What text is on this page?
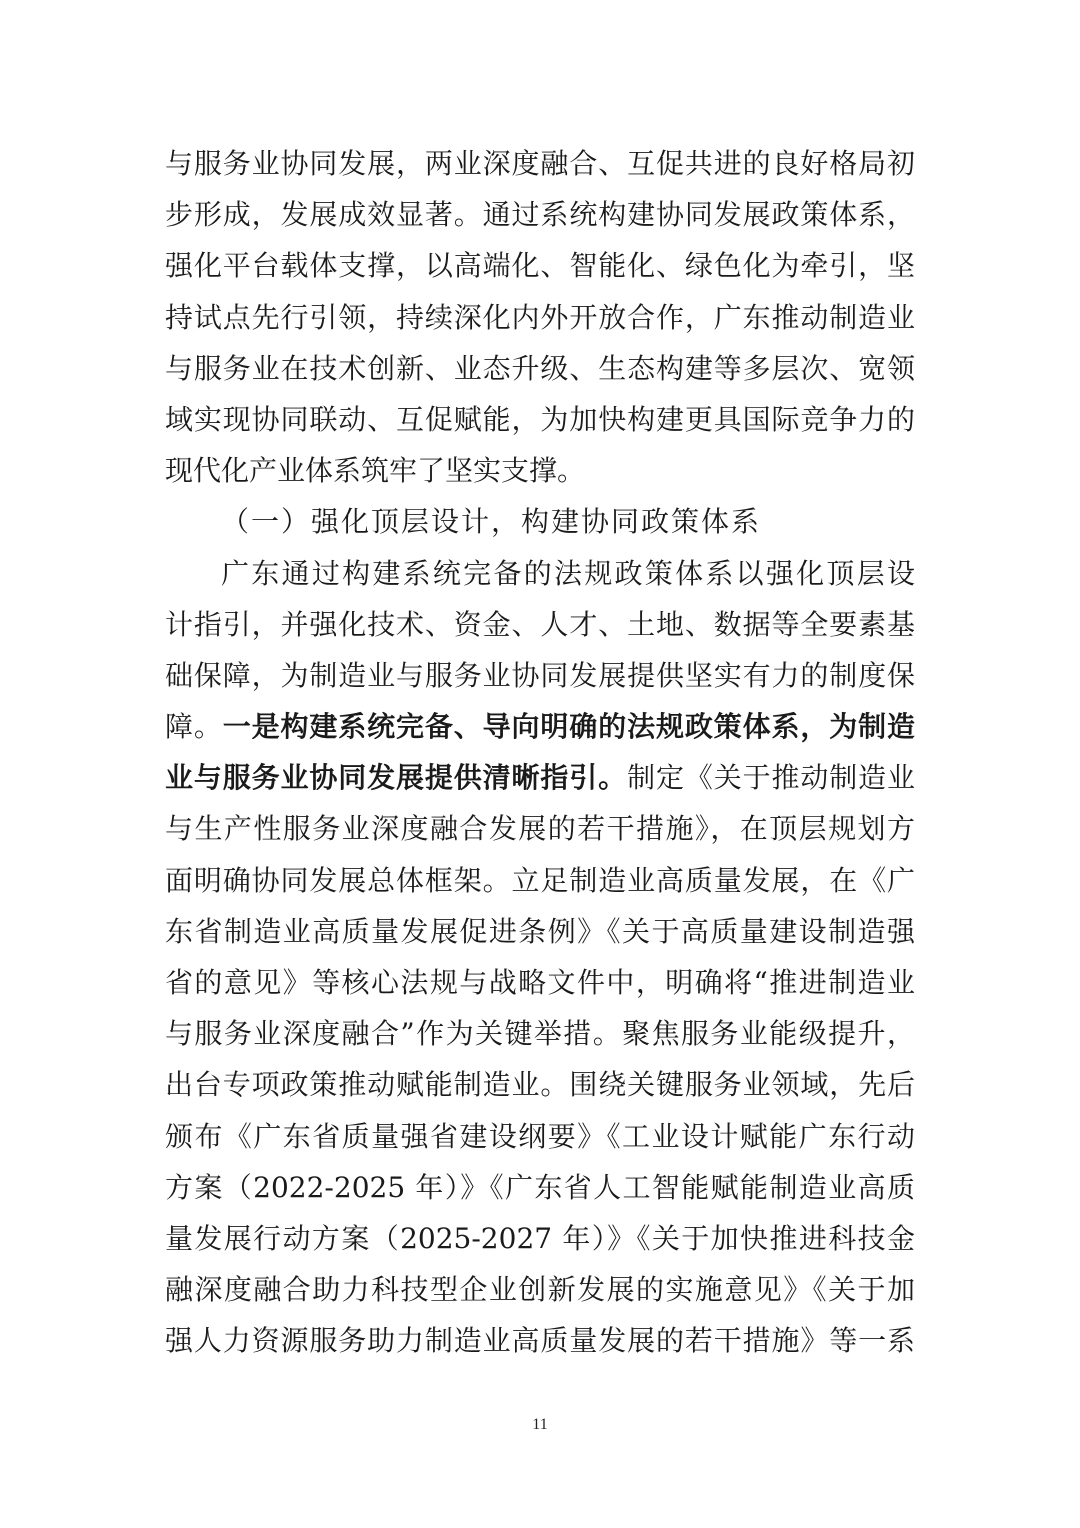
与服务业协同发展，两业深度融合、互促共进的良好格局初
步形成，发展成效显著。通过系统构建协同发展政策体系，
强化平台载体支撑，以高端化、智能化、绿色化为牵引，坚
持试点先行引领，持续深化内外开放合作，广东推动制造业
与服务业在技术创新、业态升级、生态构建等多层次、宽领
域实现协同联动、互促赋能，为加快构建更具国际竞争力的
现代化产业体系筑牢了坚实支撑。
（一）强化顶层设计，构建协同政策体系
广东通过构建系统完备的法规政策体系以强化顶层设
计指引，并强化技术、资金、人才、土地、数据等全要素基
础保障，为制造业与服务业协同发展提供坚实有力的制度保
障。一是构建系统完备、导向明确的法规政策体系，为制造
业与服务业协同发展提供清晰指引。制定《关于推动制造业
与生产性服务业深度融合发展的若干措施》，在顶层规划方
面明确协同发展总体框架。立足制造业高质量发展，在《广
东省制造业高质量发展促进条例》《关于高质量建设制造强
省的意见》等核心法规与战略文件中，明确将“推进制造业
与服务业深度融合”作为关键举措。聚焦服务业能级提升，
出台专项政策推动赋能制造业。围绕关键服务业领域，先后
颁布《广东省质量强省建设纲要》《工业设计赋能广东行动
方案（2022-2025 年）》《广东省人工智能赋能制造业高质
量发展行动方案（2025-2027 年）》《关于加快推进科技金
融深度融合助力科技型企业创新发展的实施意见》《关于加
强人力资源服务助力制造业高质量发展的若干措施》等一系
11
